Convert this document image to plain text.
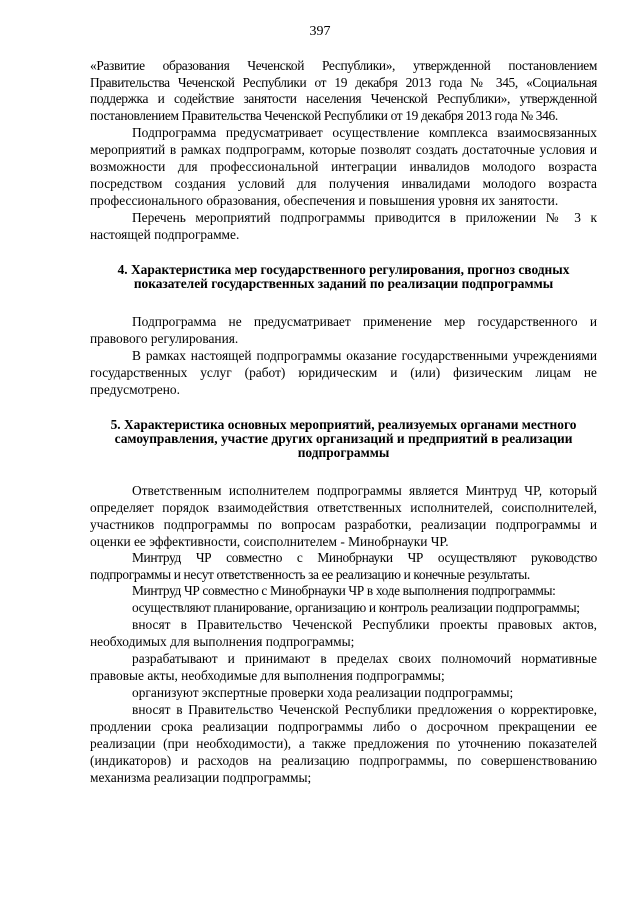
397

«Развитие образования Чеченской Республики», утвержденной постановлением Правительства Чеченской Республики от 19 декабря 2013 года № 345, «Социальная поддержка и содействие занятости населения Чеченской Республики», утвержденной постановлением Правительства Чеченской Республики от 19 декабря 2013 года № 346.

Подпрограмма предусматривает осуществление комплекса взаимосвязанных мероприятий в рамках подпрограмм, которые позволят создать достаточные условия и возможности для профессиональной интеграции инвалидов молодого возраста посредством создания условий для получения инвалидами молодого возраста профессионального образования, обеспечения и повышения уровня их занятости.

Перечень мероприятий подпрограммы приводится в приложении № 3 к настоящей подпрограмме.

4. Характеристика мер государственного регулирования, прогноз сводных показателей государственных заданий по реализации подпрограммы

Подпрограмма не предусматривает применение мер государственного и правового регулирования.

В рамках настоящей подпрограммы оказание государственными учреждениями государственных услуг (работ) юридическим и (или) физическим лицам не предусмотрено.

5. Характеристика основных мероприятий, реализуемых органами местного самоуправления, участие других организаций и предприятий в реализации подпрограммы

Ответственным исполнителем подпрограммы является Минтруд ЧР, который определяет порядок взаимодействия ответственных исполнителей, соисполнителей, участников подпрограммы по вопросам разработки, реализации подпрограммы и оценки ее эффективности, соисполнителем - Минобрнауки ЧР.

Минтруд ЧР совместно с Минобрнауки ЧР осуществляют руководство подпрограммы и несут ответственность за ее реализацию и конечные результаты.

Минтруд ЧР совместно с Минобрнауки ЧР в ходе выполнения подпрограммы:

осуществляют планирование, организацию и контроль реализации подпрограммы;

вносят в Правительство Чеченской Республики проекты правовых актов, необходимых для выполнения подпрограммы;

разрабатывают и принимают в пределах своих полномочий нормативные правовые акты, необходимые для выполнения подпрограммы;

организуют экспертные проверки хода реализации подпрограммы;

вносят в Правительство Чеченской Республики предложения о корректировке, продлении срока реализации подпрограммы либо о досрочном прекращении ее реализации (при необходимости), а также предложения по уточнению показателей (индикаторов) и расходов на реализацию подпрограммы, по совершенствованию механизма реализации подпрограммы;
